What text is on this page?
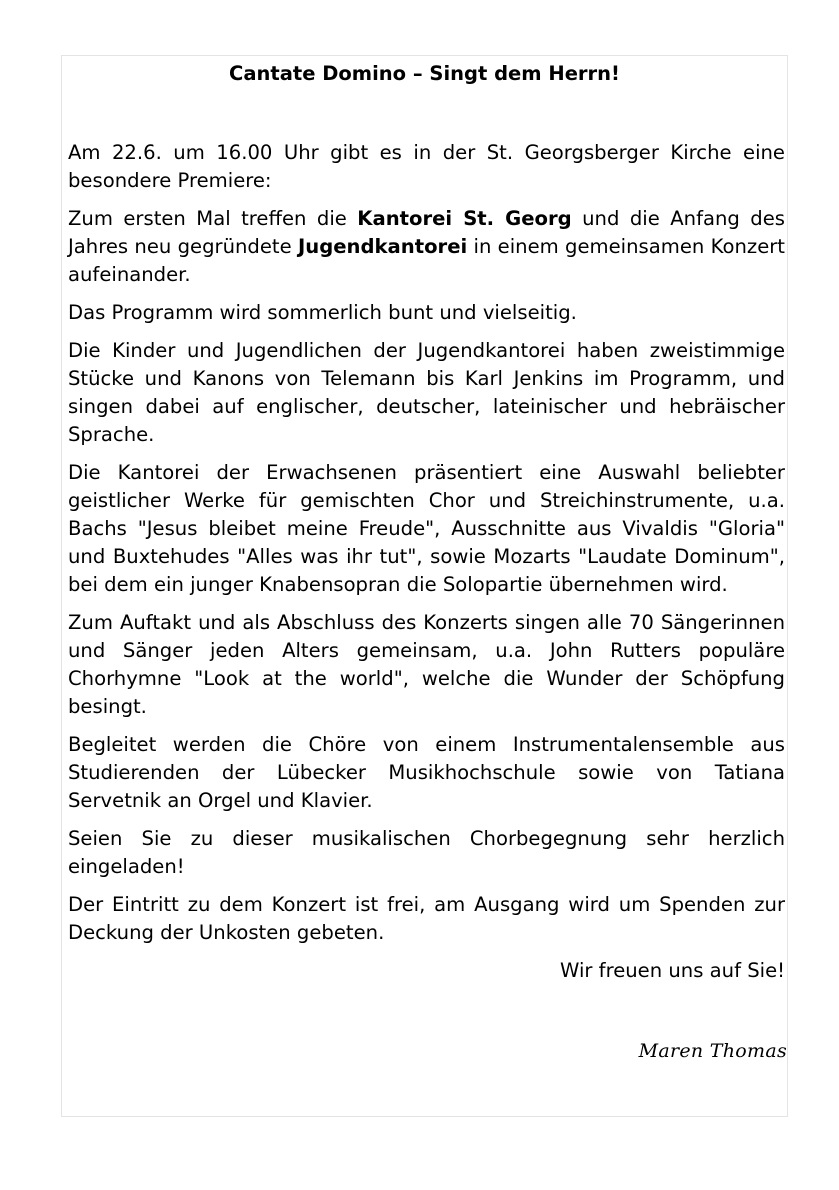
Cantate Domino – Singt dem Herrn!

Am 22.6. um 16.00 Uhr gibt es in der St. Georgsberger Kirche eine besondere Premiere:

Zum ersten Mal treffen die Kantorei St. Georg und die Anfang des Jahres neu gegründete Jugendkantorei in einem gemeinsamen Konzert aufeinander.

Das Programm wird sommerlich bunt und vielseitig.

Die Kinder und Jugendlichen der Jugendkantorei haben zweistimmige Stücke und Kanons von Telemann bis Karl Jenkins im Programm, und singen dabei auf englischer, deutscher, lateinischer und hebräischer Sprache.

Die Kantorei der Erwachsenen präsentiert eine Auswahl beliebter geistlicher Werke für gemischten Chor und Streichinstrumente, u.a. Bachs "Jesus bleibet meine Freude", Ausschnitte aus Vivaldis "Gloria" und Buxtehudes "Alles was ihr tut", sowie Mozarts "Laudate Dominum", bei dem ein junger Knabensopran die Solopartie übernehmen wird.

Zum Auftakt und als Abschluss des Konzerts singen alle 70 Sängerinnen und Sänger jeden Alters gemeinsam, u.a. John Rutters populäre Chorhymne "Look at the world", welche die Wunder der Schöpfung besingt.

Begleitet werden die Chöre von einem Instrumentalensemble aus Studierenden der Lübecker Musikhochschule sowie von Tatiana Servetnik an Orgel und Klavier.

Seien Sie zu dieser musikalischen Chorbegegnung sehr herzlich eingeladen!

Der Eintritt zu dem Konzert ist frei, am Ausgang wird um Spenden zur Deckung der Unkosten gebeten.

Wir freuen uns auf Sie!

Maren Thomas
